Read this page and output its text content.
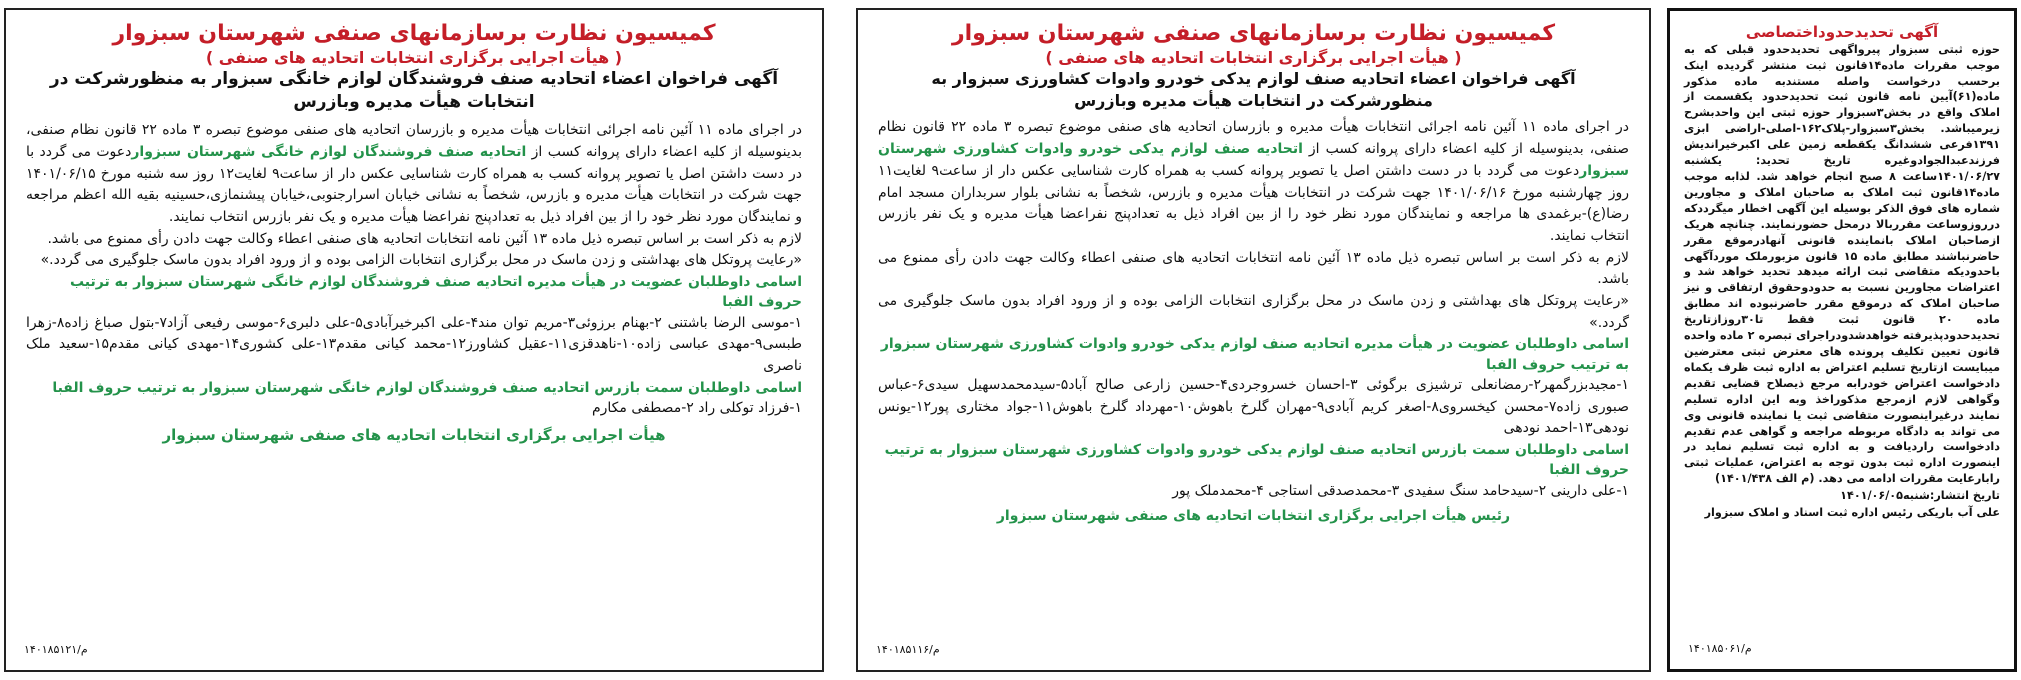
آگهی تحدیدحدوداختصاصی

حوزه ثبتی سبزوار پیرواگهی تحدیدحدود قبلی که به موجب مقررات ماده۱۴قانون ثبت منتشر گردیده اینک برحسب درخواست واصله مستندبه ماده مذکور ماده(۶۱)آیین نامه قانون ثبت تحدیدحدود یکقسمت از املاک واقع در بخش۳سبزوار حوزه ثبتی این واحدبشرح زیرمیباشد. بخش۳سبزوار-پلاک۱۶۲-اصلی-اراضی ابزی ۱۳۹۱فرعی ششدانگ یکقطعه زمین علی اکبرخیراندیش فرزندعبدالجوادوغیره تاریخ تحدید: یکشنبه ۱۴۰۱/۰۶/۲۷ساعت ۸ صبح انجام خواهد شد. لذابه موجب ماده۱۴قانون ثبت املاک به صاحبان املاک و مجاورین شماره های فوق الذکر بوسیله این آگهی اخطار میگرددکه درروزوساعت مقرربالا درمحل حضورنمایند. چنانچه هریک ازصاحبان املاک بانماینده قانونی آنهادرموقع مقرر حاضرنباشند مطابق ماده ۱۵ قانون مزبورملک موردآگهی باحدودیکه متقاضی ثبت ارائه میدهد تحدید خواهد شد و اعتراضات مجاورین نسبت به حدودوحقوق ارتفاقی و نیز صاحبان املاک که درموقع مقرر حاضرنبوده اند مطابق ماده ۲۰ قانون ثبت فقط تا۳۰روزازتاریخ تحدیدحدودپذیرفته خواهدشدودراجرای تبصره ۲ ماده واحده قانون تعیین تکلیف پرونده های معترض ثبتی معترضین میبایست ازتاریخ تسلیم اعتراض به اداره ثبت ظرف یکماه دادخواست اعتراض خودرابه مرجع ذیصلاح قضایی تقدیم وگواهی لازم ازمرجع مذکوراخذ وبه این اداره تسلیم نمایند درغیراینصورت متقاضی ثبت یا نماینده قانونی وی می تواند به دادگاه مربوطه مراجعه و گواهی عدم تقدیم دادخواست راردیافت و به اداره ثبت تسلیم نماید در اینصورت اداره ثبت بدون توجه به اعتراض، عملیات ثبتی رابارعایت مقررات ادامه می دهد. (م الف ۱۴۰۱/۴۳۸)

تاریخ انتشار:شنبه۱۴۰۱/۰۶/۰۵

علی آب باریکی رئیس اداره ثبت اسناد و املاک سبزوار

۱۴۰۱۸۵۰۶۱/م

کمیسیون نظارت برسازمانهای صنفی شهرستان سبزوار

( هیأت اجرایی برگزاری انتخابات اتحادیه های صنفی )

آگهی فراخوان اعضاء اتحادیه صنف لوازم یدکی خودرو وادوات کشاورزی سبزوار به منظورشرکت در انتخابات هیأت مدیره وبازرس

در اجرای ماده ۱۱ آئین نامه اجرائی انتخابات هیأت مدیره و بازرسان اتحادیه های صنفی موضوع تبصره ۳ ماده ۲۲ قانون نظام صنفی، بدینوسیله از کلیه اعضاء دارای پروانه کسب از اتحادیه صنف لوازم یدکی خودرو وادوات کشاورزی شهرستان سبزواردعوت می گردد با در دست داشتن اصل یا تصویر پروانه کسب به همراه کارت شناسایی عکس دار از ساعت۹ لغایت۱۱ روز چهارشنبه مورخ ۱۴۰۱/۰۶/۱۶ جهت شرکت در انتخابات هیأت مدیره و بازرس، شخصاً به نشانی بلوار سربداران مسجد امام رضا(ع)-برغمدی ها مراجعه و نمایندگان مورد نظر خود را از بین افراد ذیل به تعدادپنج نفراعضا هیأت مدیره و یک نفر بازرس انتخاب نمایند.

لازم به ذکر است بر اساس تبصره ذیل ماده ۱۳ آئین نامه انتخابات اتحادیه های صنفی اعطاء وکالت جهت دادن رأی ممنوع می باشد.

«رعایت پروتکل های بهداشتی و زدن ماسک در محل برگزاری انتخابات الزامی بوده و از ورود افراد بدون ماسک جلوگیری می گردد.»

اسامی داوطلبان عضویت در هیأت مدیره اتحادیه صنف لوازم یدکی خودرو وادوات کشاورزی شهرستان سبزوار به ترتیب حروف الفبا

۱-مجیدبزرگمهر۲-رمضانعلی ترشیزی برگوئی ۳-احسان خسروجردی۴-حسین زارعی صالح آباد۵-سیدمحمدسهیل سیدی۶-عباس صبوری زاده۷-محسن کیخسروی۸-اصغر کریم آبادی۹-مهران گلرخ باهوش۱۰-مهرداد گلرخ باهوش۱۱-جواد مختاری پور۱۲-یونس نودهی۱۳-احمد نودهی

اسامی داوطلبان سمت بازرس اتحادیه صنف لوازم یدکی خودرو وادوات کشاورزی شهرستان سبزوار به ترتیب حروف الفبا

۱-علی دارینی ۲-سیدحامد سنگ سفیدی ۳-محمدصدقی استاجی ۴-محمدملک پور

رئیس هیأت اجرایی برگزاری انتخابات اتحادیه های صنفی شهرستان سبزوار

۱۴۰۱۸۵۱۱۶/م

کمیسیون نظارت برسازمانهای صنفی شهرستان سبزوار

( هیأت اجرایی برگزاری انتخابات اتحادیه های صنفی )

آگهی فراخوان اعضاء اتحادیه صنف فروشندگان لوازم خانگی سبزوار به منظورشرکت در انتخابات هیأت مدیره وبازرس

در اجرای ماده ۱۱ آئین نامه اجرائی انتخابات هیأت مدیره و بازرسان اتحادیه های صنفی موضوع تبصره ۳ ماده ۲۲ قانون نظام صنفی، بدینوسیله از کلیه اعضاء دارای پروانه کسب از اتحادیه صنف فروشندگان لوازم خانگی شهرستان سبزواردعوت می گردد با در دست داشتن اصل یا تصویر پروانه کسب به همراه کارت شناسایی عکس دار از ساعت۹ لغایت۱۲ روز سه شنبه مورخ ۱۴۰۱/۰۶/۱۵ جهت شرکت در انتخابات هیأت مدیره و بازرس، شخصاً به نشانی خیابان اسرارجنوبی،خیابان پیشنمازی،حسینیه بقیه الله اعظم مراجعه و نمایندگان مورد نظر خود را از بین افراد ذیل به تعدادپنج نفراعضا هیأت مدیره و یک نفر بازرس انتخاب نمایند.

لازم به ذکر است بر اساس تبصره ذیل ماده ۱۳ آئین نامه انتخابات اتحادیه های صنفی اعطاء وکالت جهت دادن رأی ممنوع می باشد.

«رعایت پروتکل های بهداشتی و زدن ماسک در محل برگزاری انتخابات الزامی بوده و از ورود افراد بدون ماسک جلوگیری می گردد.»

اسامی داوطلبان عضویت در هیأت مدیره اتحادیه صنف فروشندگان لوازم خانگی شهرستان سبزوار به ترتیب حروف الفبا

۱-موسی الرضا باشتنی ۲-بهنام برزوئی۳-مریم توان مند۴-علی اکبرخیرآبادی۵-علی دلبری۶-موسی رفیعی آزاد۷-بتول صباغ زاده۸-زهرا طبسی۹-مهدی عباسی زاده۱۰-ناهدقزی۱۱-عقیل کشاورز۱۲-محمد کیانی مقدم۱۳-علی کشوری۱۴-مهدی کیانی مقدم۱۵-سعید ملک ناصری

اسامی داوطلبان سمت بازرس اتحادیه صنف فروشندگان لوازم خانگی شهرستان سبزوار به ترتیب حروف الفبا

۱-فرزاد توکلی راد ۲-مصطفی مکارم

هیأت اجرایی برگزاری انتخابات اتحادیه های صنفی شهرستان سبزوار

۱۴۰۱۸۵۱۲۱/م
